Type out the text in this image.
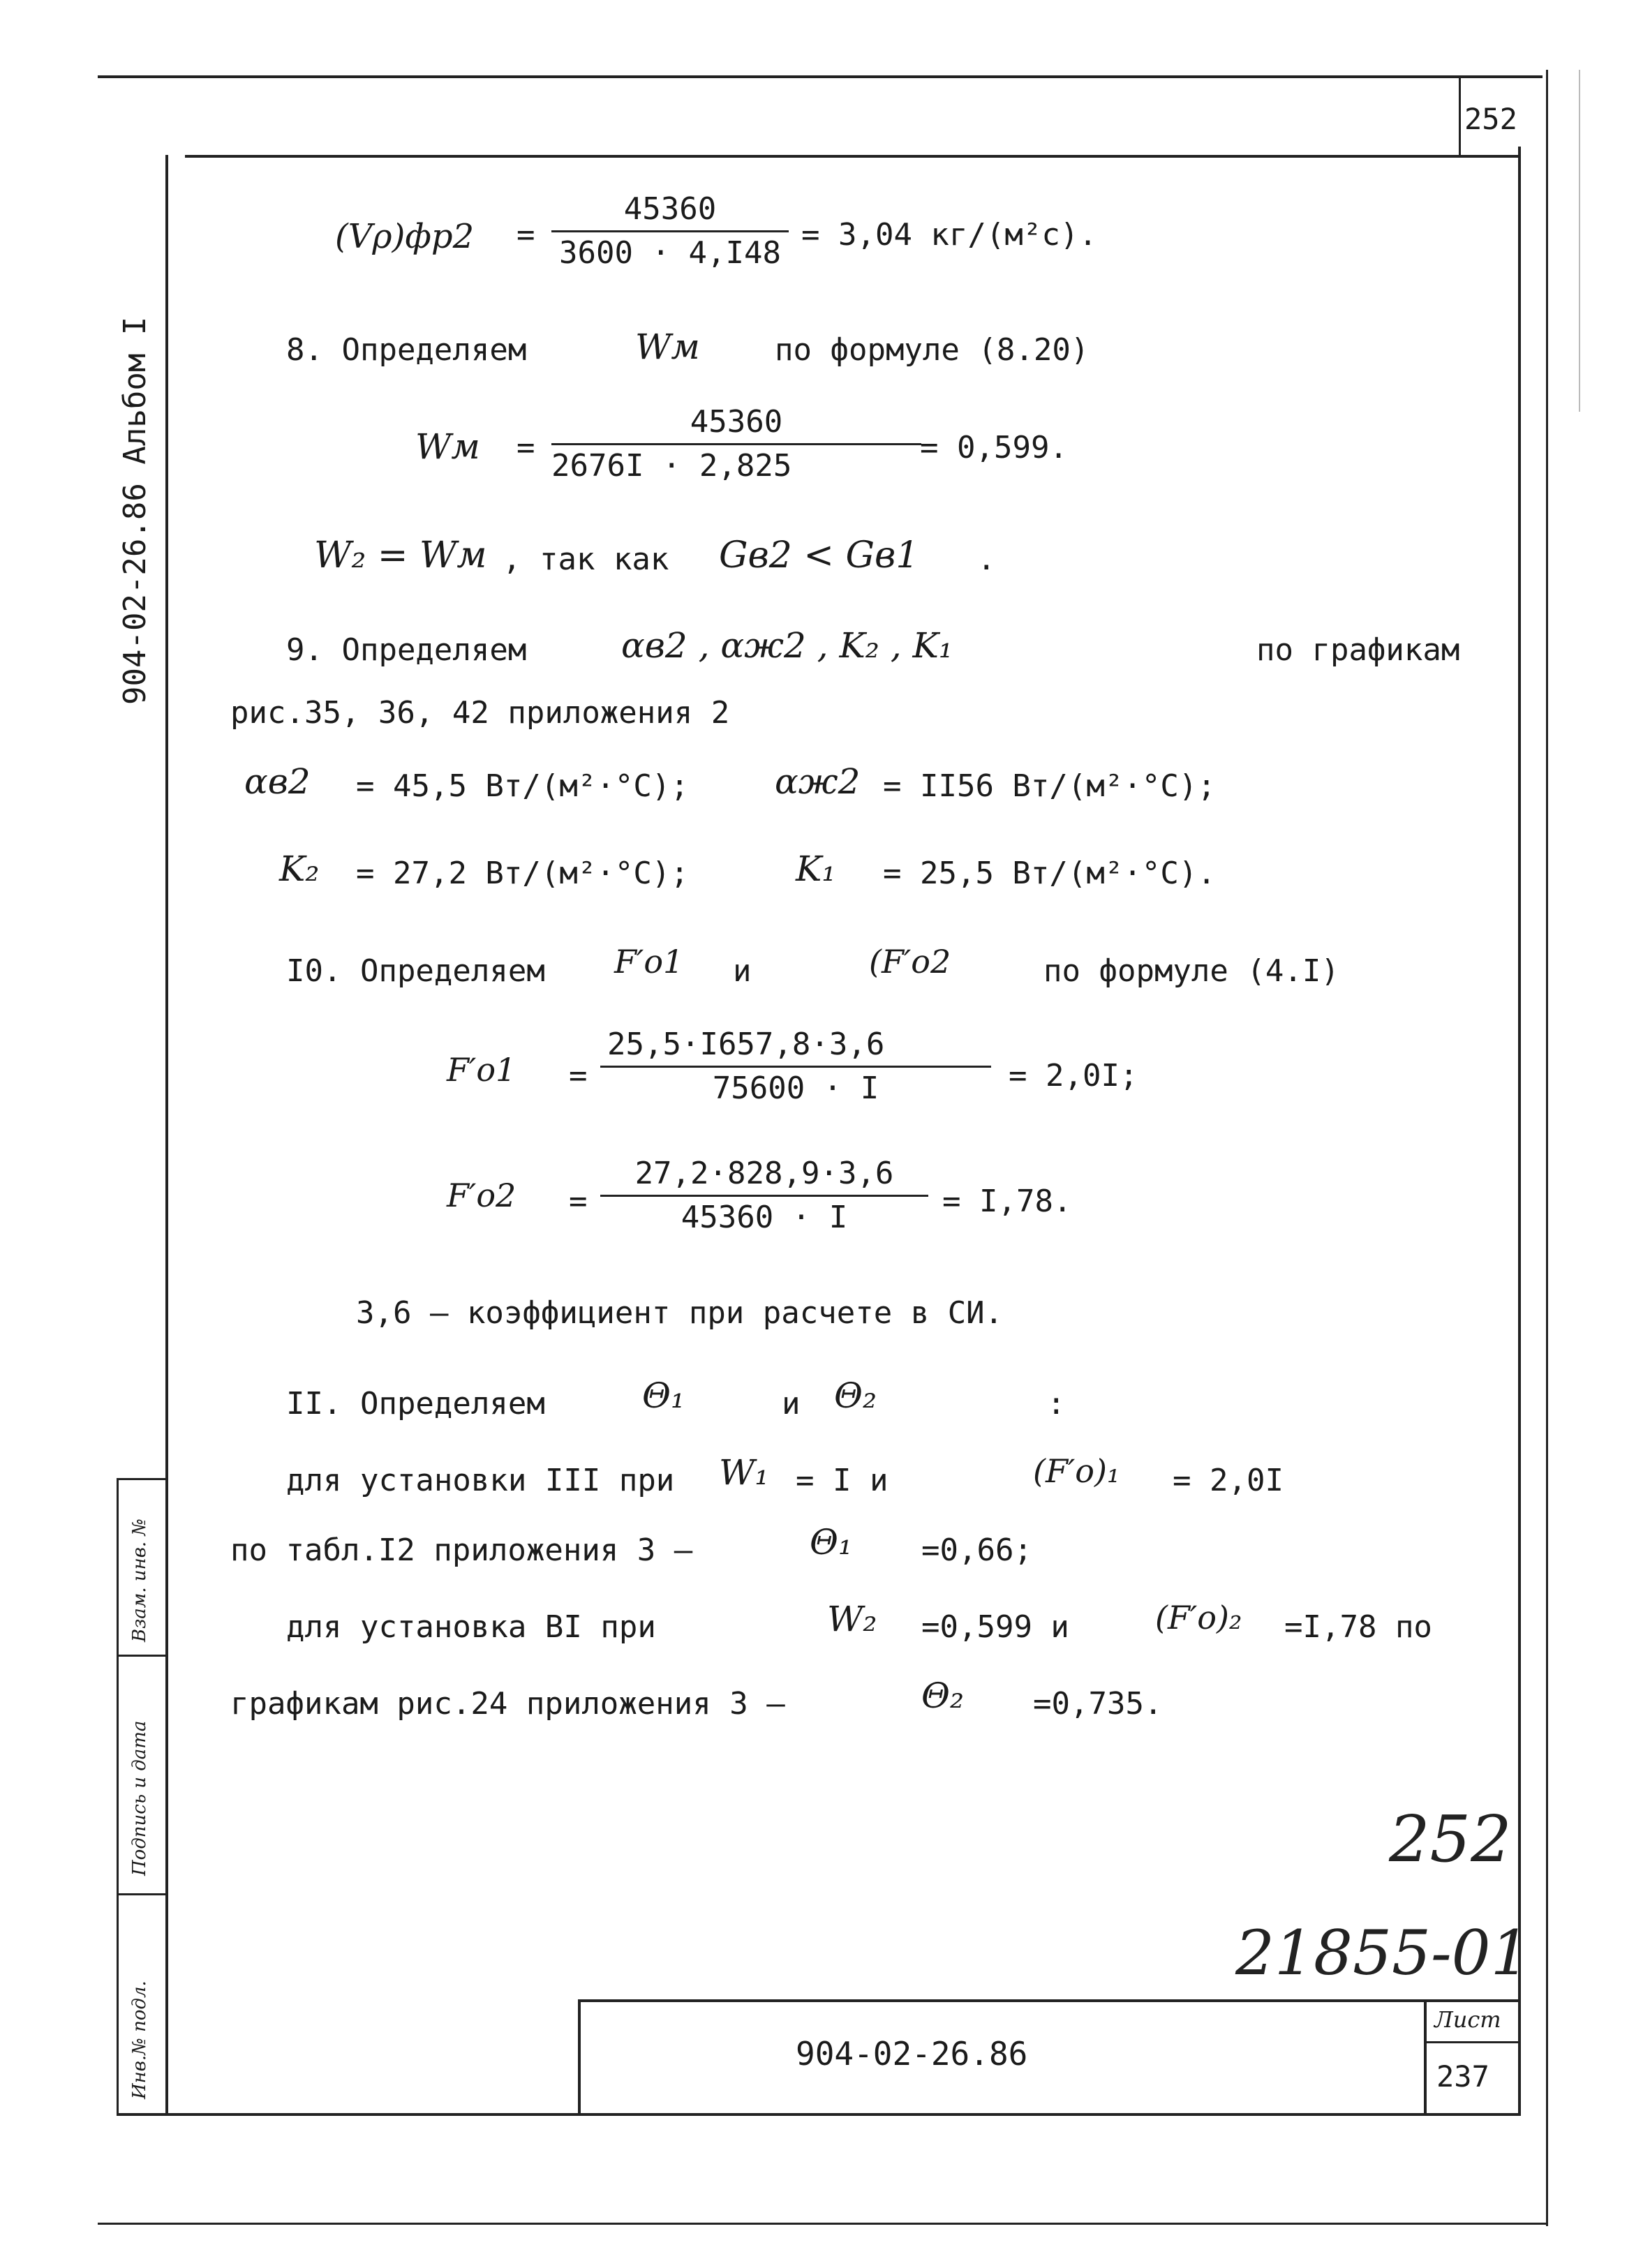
252
904-02-26.86 Альбом I
Взам. инв. №
Подпись и дата
Инв.№ подл.
$(V\rho)фр2 = \frac{45360}{3600 \cdot 4,I48} = 3,04$ кг/(м²с).
8. Определяем	Wм по формуле (8.20)
Wм = $\frac{45360}{2676I \cdot 2,825}$
= 0,599.
W₂ = Wм , так как Gв2 < Gв1 .
9. Определяем	αв2 , αж2 , K₂ , K₁	по графикам
рис.35, 36, 42 приложения 2
αв2 = 45,5 Вт/(м²·°С); αж2 = II56 Вт/(м²·°С);
K₂ = 27,2 Вт/(м²·°С);	K₁ = 25,5 Вт/(м²·°С).
I0. Определяем F′о1 и	(F′о2	по формуле (4.I)
$F'о1 = \frac{25,5\cdot I657,8\cdot 3,6}{75600 \cdot I} = 2,0I$;
$F'о2 = \frac{27,2\cdot 828,9\cdot 3,6}{45360 \cdot I} = I,78$.
3,6 – коэффициент при расчете в СИ.
II. Определяем	Θ₁	и Θ₂	:
для установки III при W₁ = I и	(F′о)₁ = 2,0I
по табл.I2 приложения 3 –	Θ₁ =0,66;
для установка ВI при	W₂ =0,599 и	(F′о)₂ =I,78 по
графикам рис.24 приложения 3 –	Θ₂ =0,735.
252
21855-01
904-02-26.86
Лист
237
